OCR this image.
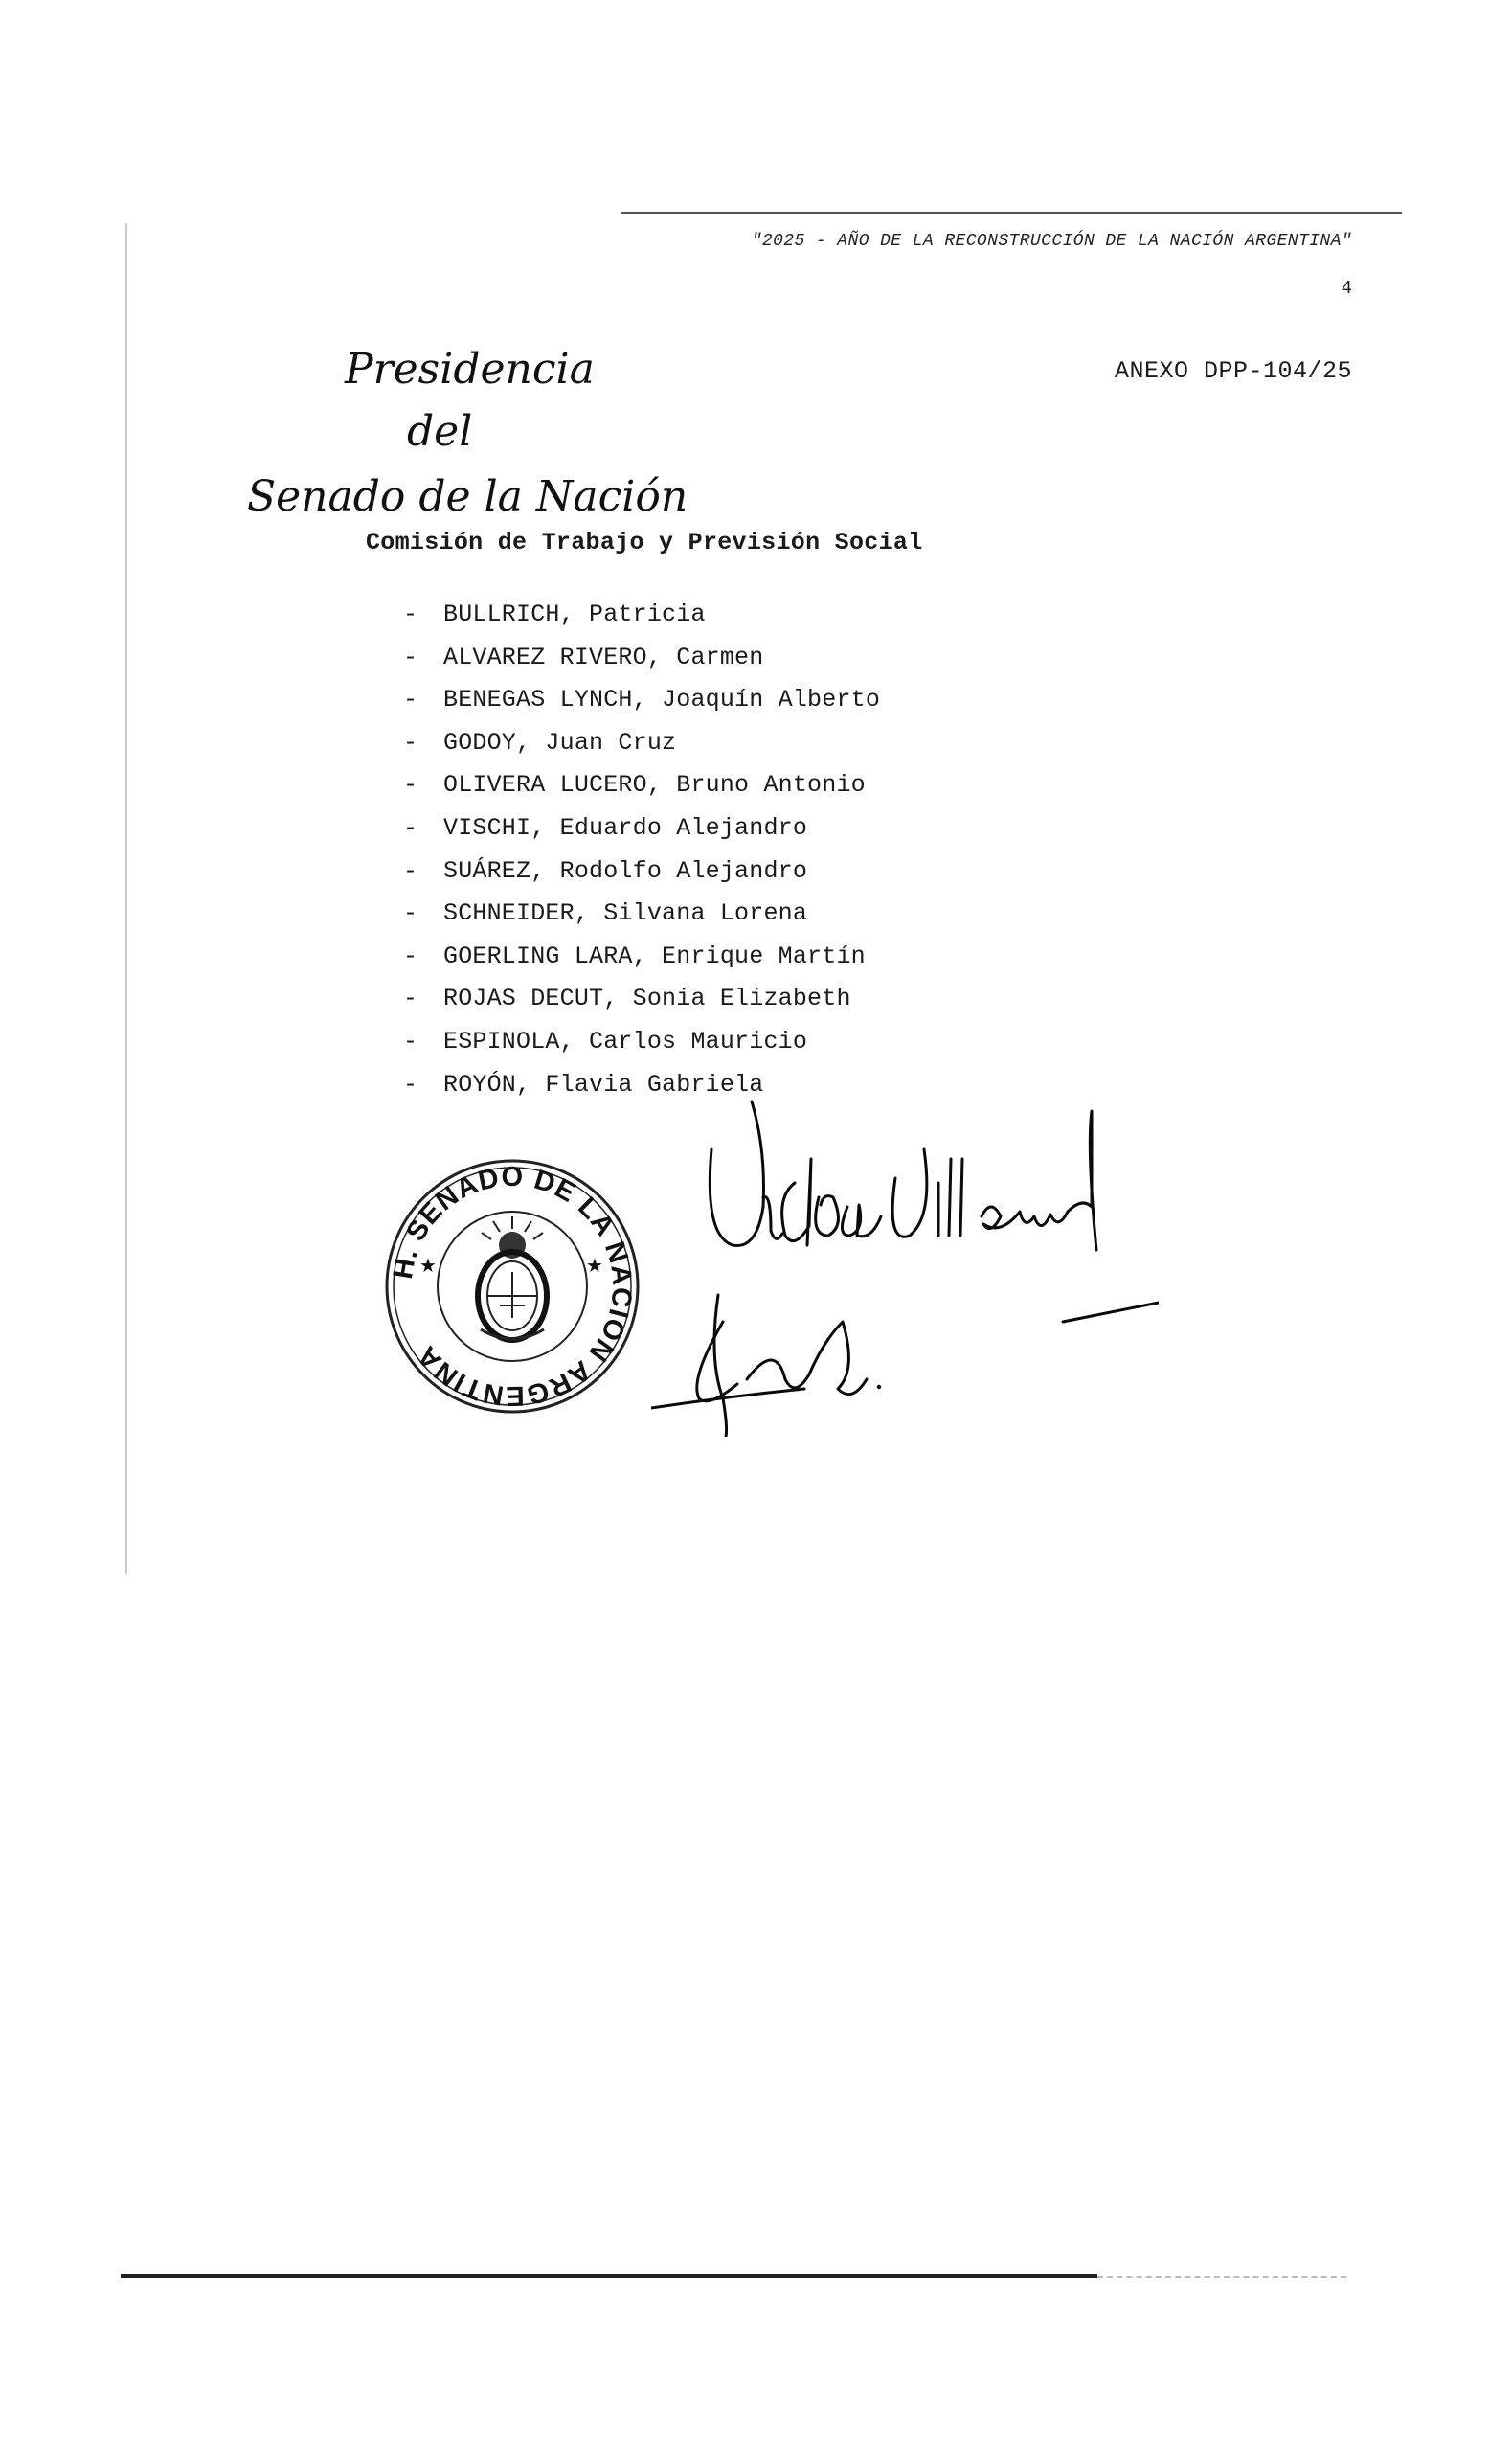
"2025 - AÑO DE LA RECONSTRUCCIÓN DE LA NACIÓN ARGENTINA"
4
ANEXO DPP-104/25
Presidencia
del
Senado de la Nación
Comisión de Trabajo y Previsión Social
- BULLRICH, Patricia
- ALVAREZ RIVERO, Carmen
- BENEGAS LYNCH, Joaquín Alberto
- GODOY, Juan Cruz
- OLIVERA LUCERO, Bruno Antonio
- VISCHI, Eduardo Alejandro
- SUÁREZ, Rodolfo Alejandro
- SCHNEIDER, Silvana Lorena
- GOERLING LARA, Enrique Martín
- ROJAS DECUT, Sonia Elizabeth
- ESPINOLA, Carlos Mauricio
- ROYÓN, Flavia Gabriela
H. SENADO DE LA NACION ARGENTINA
★	★
